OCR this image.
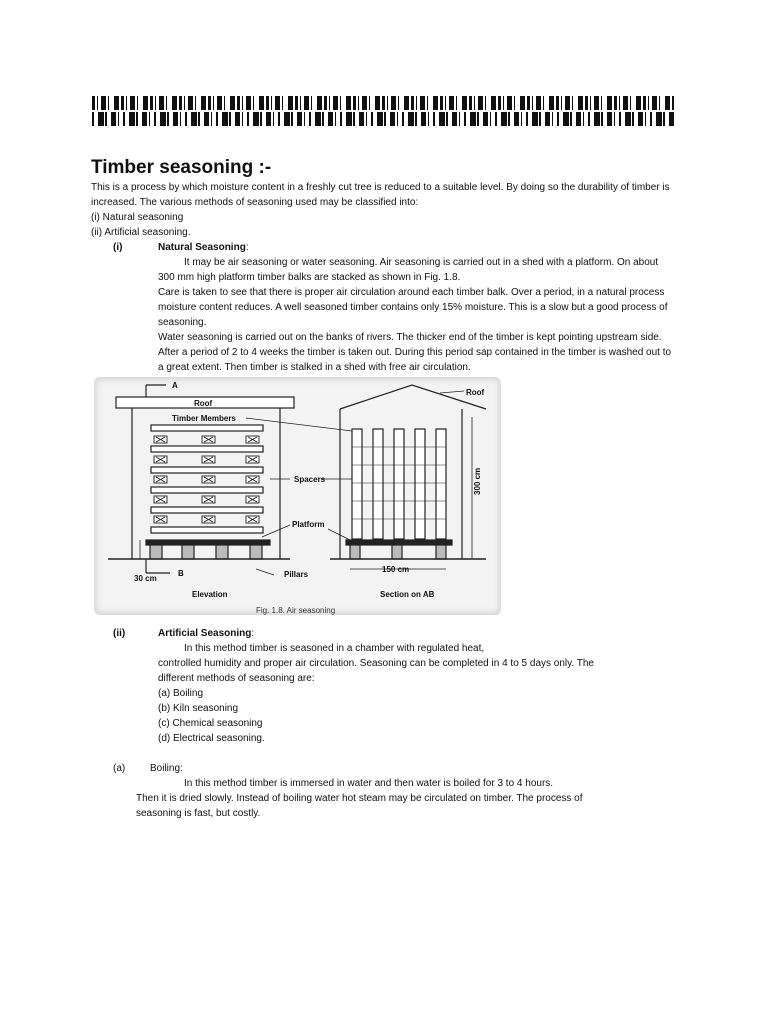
Timber seasoning :-
This is a process by which moisture content in a freshly cut tree is reduced to a suitable level. By doing so the durability of timber is
increased. The various methods of seasoning used may be classified into:
(i) Natural seasoning
(ii) Artificial seasoning.
(i)	Natural Seasoning:
It may be air seasoning or water seasoning. Air seasoning is carried out in a shed with a platform. On about
300 mm high platform timber balks are stacked as shown in Fig. 1.8.
Care is taken to see that there is proper air circulation around each timber balk. Over a period, in a natural process
moisture content reduces. A well seasoned timber contains only 15% moisture. This is a slow but a good process of
seasoning.
Water seasoning is carried out on the banks of rivers. The thicker end of the timber is kept pointing upstream side.
After a period of 2 to 4 weeks the timber is taken out. During this period sap contained in the timber is washed out to
a great extent. Then timber is stalked in a shed with free air circulation.
A
Roof
Timber Members
Spacers
Platform
Pillars
30 cm
B
Roof
150 cm
300 cm
Elevation	Section on AB
Fig. 1.8. Air seasoning
(ii)	Artificial Seasoning:
In this method timber is seasoned in a chamber with regulated heat,
controlled humidity and proper air circulation. Seasoning can be completed in 4 to 5 days only. The
different methods of seasoning are:
(a) Boiling
(b) Kiln seasoning
(c) Chemical seasoning
(d) Electrical seasoning.
(a) Boiling:
In this method timber is immersed in water and then water is boiled for 3 to 4 hours.
Then it is dried slowly. Instead of boiling water hot steam may be circulated on timber. The process of
seasoning is fast, but costly.
